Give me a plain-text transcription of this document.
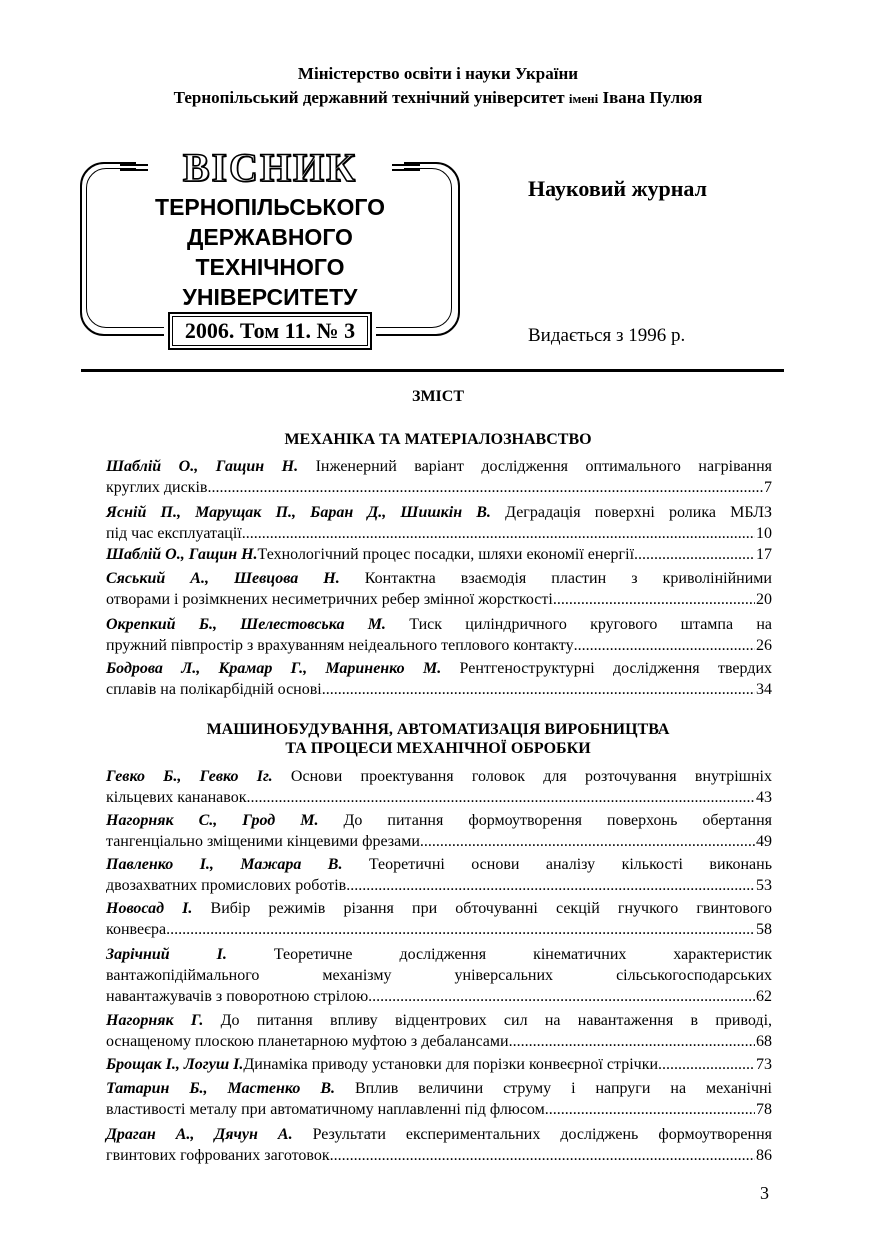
Міністерство освіти і науки України
Тернопільський державний технічний університет імені Івана Пулюя
ВІСНИК
ТЕРНОПІЛЬСЬКОГО
ДЕРЖАВНОГО
ТЕХНІЧНОГО
УНІВЕРСИТЕТУ
2006. Том 11. № 3
Науковий журнал
Видається з 1996 р.
ЗМІСТ
МЕХАНІКА ТА МАТЕРІАЛОЗНАВСТВО
МАШИНОБУДУВАННЯ, АВТОМАТИЗАЦІЯ ВИРОБНИЦТВА
ТА ПРОЦЕСИ МЕХАНІЧНОЇ ОБРОБКИ
Шаблій О., Гащин Н. Інженерний варіант дослідження оптимального нагрівання
круглих дисків .....	7
Ясній П., Марущак П., Баран Д., Шишкін В. Деградація поверхні ролика МБЛЗ
під час експлуатації .....	10
Шаблій О., Гащин Н. Технологічний процес посадки, шляхи економії енергії .....	17
Сяський А., Шевцова Н. Контактна взаємодія пластин з криволінійними
отворами і розімкнених несиметричних ребер змінної жорсткості .....	20
Окрепкий Б., Шелестовська М. Тиск циліндричного кругового штампа на
пружний півпростір з врахуванням неідеального теплового контакту .....	26
Бодрова Л., Крамар Г., Мариненко М. Рентгеноструктурні дослідження твердих
сплавів на полікарбідній основі .....	34
Гевко Б., Гевко Іг. Основи проектування головок для розточування внутрішніх
кільцевих кананавок .....	43
Нагорняк С., Грод М. До питання формоутворення поверхонь обертання
тангенціально зміщеними кінцевими фрезами .....	49
Павленко І., Мажара В. Теоретичні основи аналізу кількості виконань
двозахватних промислових роботів .....	53
Новосад І. Вибір режимів різання при обточуванні секцій гнучкого гвинтового
конвеєра .....	58
Зарічний І. Теоретичне дослідження кінематичних характеристик
вантажопідіймального механізму універсальних сільськогосподарських
навантажувачів з поворотною стрілою .....	62
Нагорняк Г. До питання впливу відцентрових сил на навантаження в приводі,
оснащеному плоскою планетарною муфтою з дебалансами .....	68
Брощак І., Логуш І. Динаміка приводу установки для порізки конвеєрної стрічки .....	73
Татарин Б., Мастенко В. Вплив величини струму і напруги на механічні
властивості металу при автоматичному наплавленні під флюсом .....	78
Драган А., Дячун А. Результати експериментальних досліджень формоутворення
гвинтових гофрованих заготовок .....	86
3
